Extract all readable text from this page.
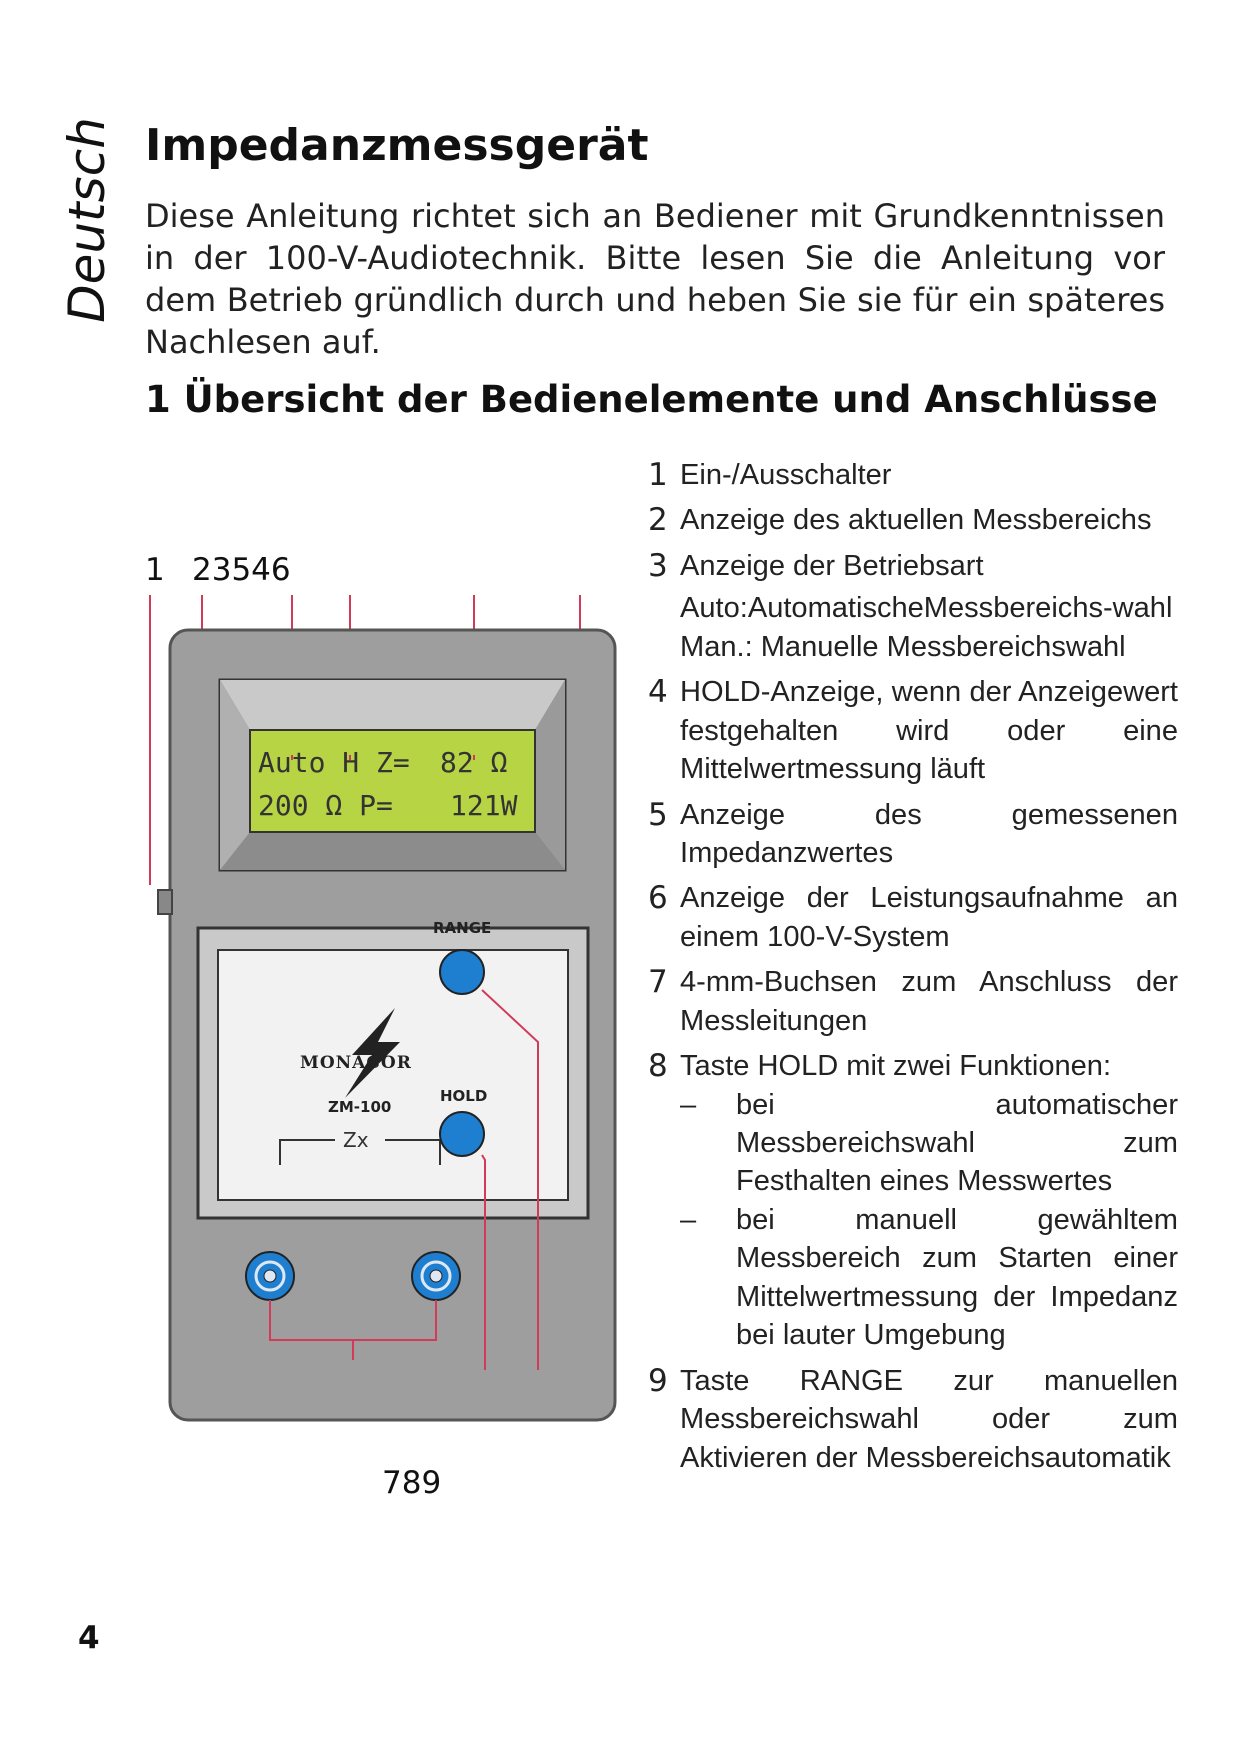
Deutsch Impedanzmessgerät

Diese Anleitung richtet sich an Bediener mit Grundkenntnissen in der 100-V-Audiotechnik. Bitte lesen Sie die Anleitung vor dem Betrieb gründlich durch und heben Sie sie für ein späteres Nachlesen auf.

1 Übersicht der Bedienelemente und Anschlüsse
1 23546
789
Auto H Z= 82 Ω
200 Ω P= 121W
Zx
MONACOR
ZM-100
RANGE
HOLD
1 Ein-/Ausschalter
2 Anzeige des aktuellen Messbereichs
3 Anzeige der Betriebsart
Auto:AutomatischeMessbereichs-wahl
Man.: Manuelle Messbereichswahl
4 HOLD-Anzeige, wenn der Anzeigewert festgehalten wird oder eine Mittelwertmessung läuft
5 Anzeige des gemessenen Impedanzwertes
6 Anzeige der Leistungsaufnahme an einem 100-V-System
7 4-mm-Buchsen zum Anschluss der Messleitungen
8 Taste HOLD mit zwei Funktionen:
– bei automatischer Messbereichswahl zum Festhalten eines Messwertes
– bei manuell gewähltem Messbereich zum Starten einer Mittelwertmessung der Impedanz bei lauter Umgebung
9 Taste RANGE zur manuellen Messbereichswahl oder zum Aktivieren der Messbereichsautomatik
4
